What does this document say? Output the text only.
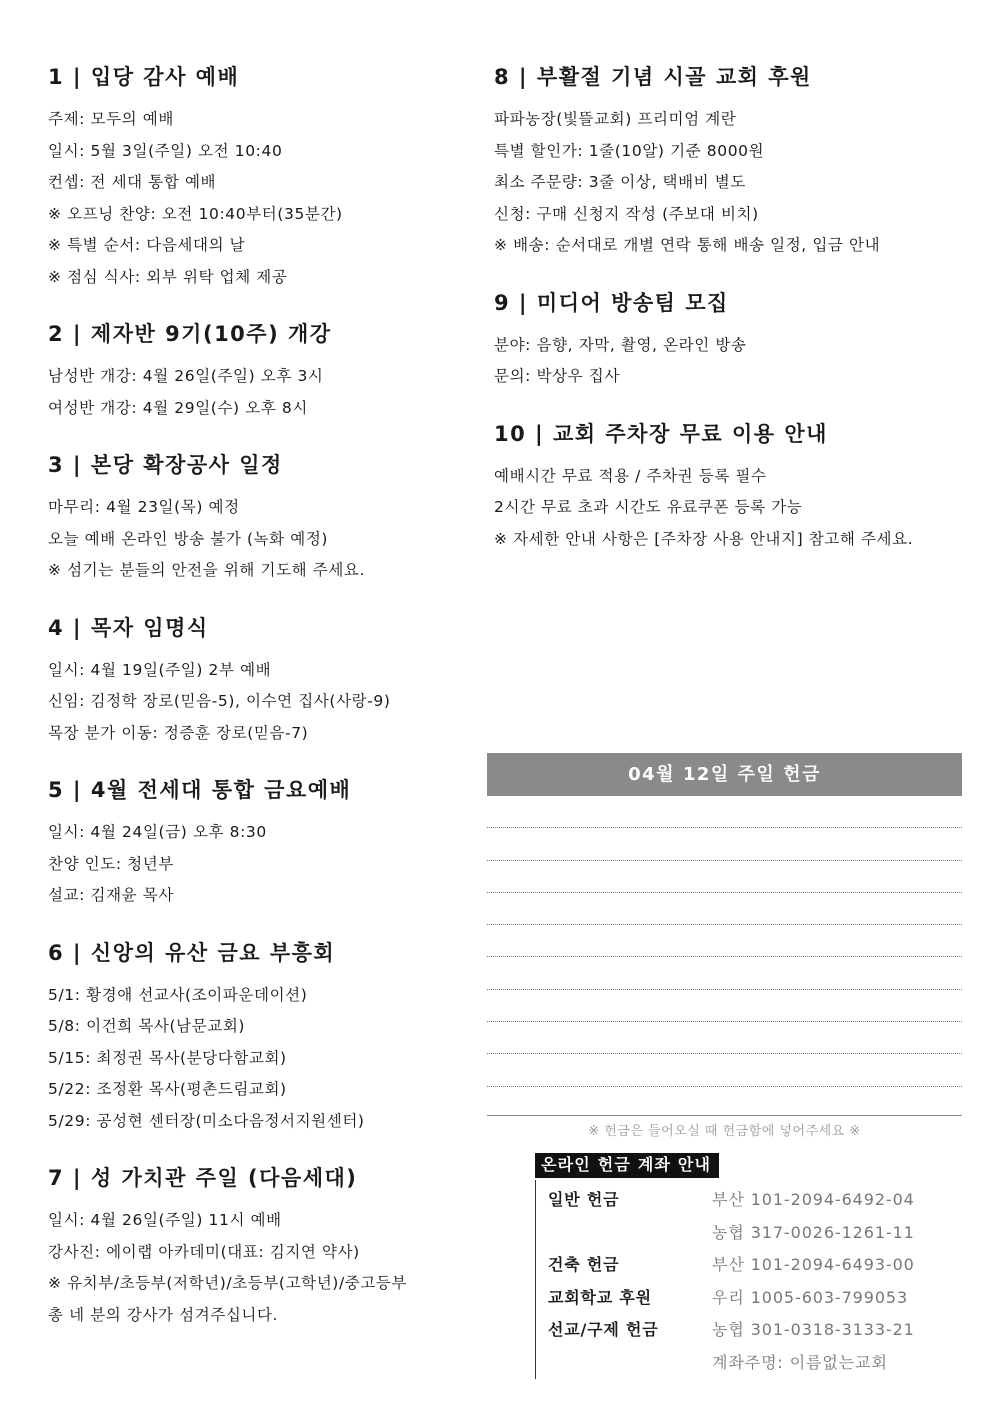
1 | 입당 감사 예배
주제: 모두의 예배
일시: 5월 3일(주일) 오전 10:40
컨셉: 전 세대 통합 예배
※ 오프닝 찬양: 오전 10:40부터(35분간)
※ 특별 순서: 다음세대의 날
※ 점심 식사: 외부 위탁 업체 제공
2 | 제자반 9기(10주) 개강
남성반 개강: 4월 26일(주일) 오후 3시
여성반 개강: 4월 29일(수) 오후 8시
3 | 본당 확장공사 일정
마무리: 4월 23일(목) 예정
오늘 예배 온라인 방송 불가 (녹화 예정)
※ 섬기는 분들의 안전을 위해 기도해 주세요.
4 | 목자 임명식
일시: 4월 19일(주일) 2부 예배
신임: 김정학 장로(믿음-5), 이수연 집사(사랑-9)
목장 분가 이동: 정증훈 장로(믿음-7)
5 | 4월 전세대 통합 금요예배
일시: 4월 24일(금) 오후 8:30
찬양 인도: 청년부
설교: 김재윤 목사
6 | 신앙의 유산 금요 부흥회
5/1: 황경애 선교사(조이파운데이션)
5/8: 이건희 목사(남문교회)
5/15: 최정권 목사(분당다함교회)
5/22: 조정환 목사(평촌드림교회)
5/29: 공성현 센터장(미소다음정서지원센터)
7 | 성 가치관 주일 (다음세대)
일시: 4월 26일(주일) 11시 예배
강사진: 에이랩 아카데미(대표: 김지연 약사)
※ 유치부/초등부(저학년)/초등부(고학년)/중고등부
총 네 분의 강사가 섬겨주십니다.
8 | 부활절 기념 시골 교회 후원
파파농장(빛뜰교회) 프리미엄 계란
특별 할인가: 1줄(10알) 기준 8000원
최소 주문량: 3줄 이상, 택배비 별도
신청: 구매 신청지 작성 (주보대 비치)
※ 배송: 순서대로 개별 연락 통해 배송 일정, 입금 안내
9 | 미디어 방송팀 모집
분야: 음향, 자막, 촬영, 온라인 방송
문의: 박상우 집사
10 | 교회 주차장 무료 이용 안내
예배시간 무료 적용 / 주차권 등록 필수
2시간 무료 초과 시간도 유료쿠폰 등록 가능
※ 자세한 안내 사항은 [주차장 사용 안내지] 참고해 주세요.
04월 12일 주일 헌금
※ 헌금은 들어오실 때 헌금함에 넣어주세요 ※
온라인 헌금 계좌 안내
일반 헌금	부산 101-2094-6492-04
농협 317-0026-1261-11
건축 헌금	부산 101-2094-6493-00
교회학교 후원	우리 1005-603-799053
선교/구제 헌금	농협 301-0318-3133-21
계좌주명: 이름없는교회
